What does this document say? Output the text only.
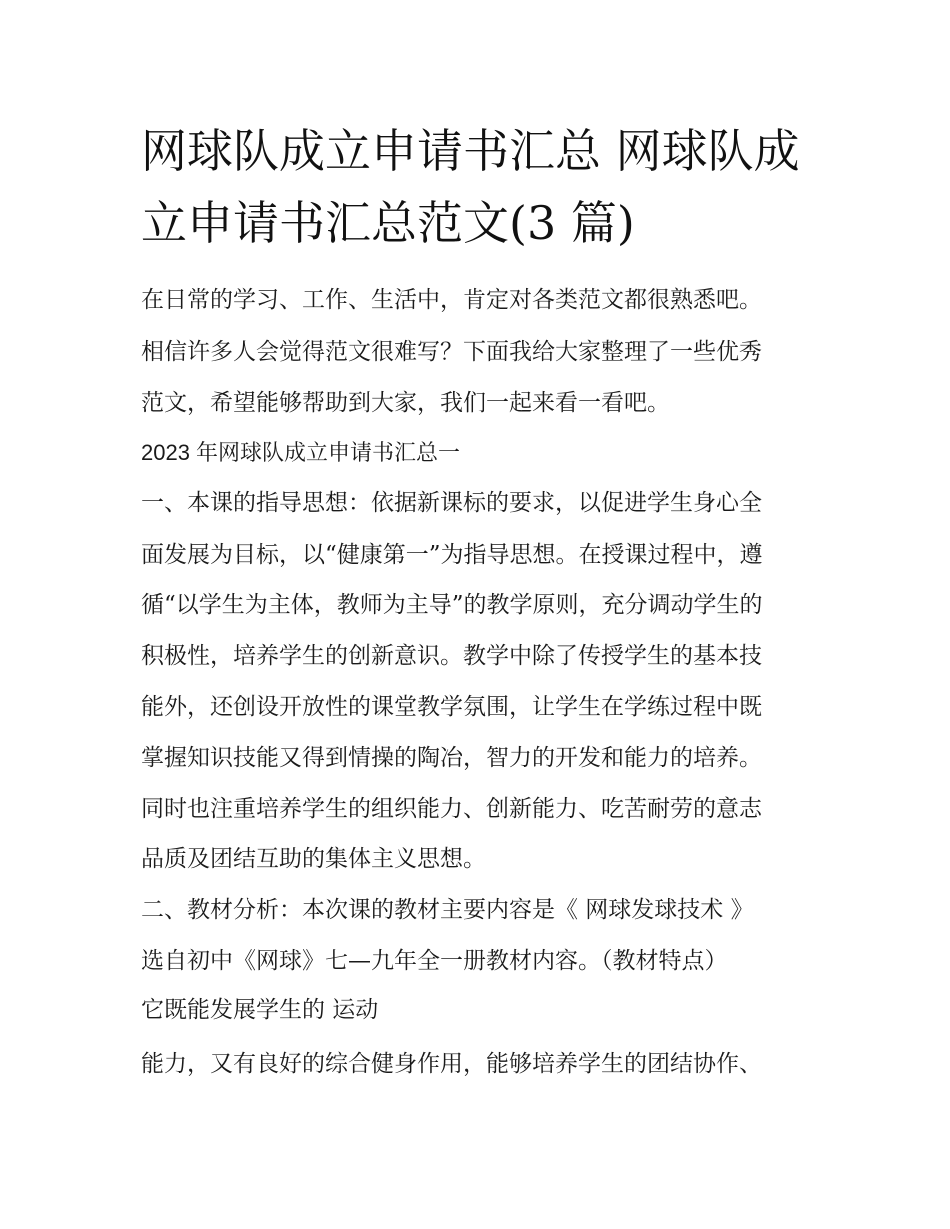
网球队成立申请书汇总 网球队成立申请书汇总范文(3 篇)

在日常的学习、工作、生活中，肯定对各类范文都很熟悉吧。

相信许多人会觉得范文很难写？下面我给大家整理了一些优秀

范文，希望能够帮助到大家，我们一起来看一看吧。

2023 年网球队成立申请书汇总一

一、本课的指导思想：依据新课标的要求，以促进学生身心全

面发展为目标，以“健康第一”为指导思想。在授课过程中，遵

循“以学生为主体，教师为主导”的教学原则，充分调动学生的

积极性，培养学生的创新意识。教学中除了传授学生的基本技

能外，还创设开放性的课堂教学氛围，让学生在学练过程中既

掌握知识技能又得到情操的陶冶，智力的开发和能力的培养。

同时也注重培养学生的组织能力、创新能力、吃苦耐劳的意志

品质及团结互助的集体主义思想。

二、教材分析：本次课的教材主要内容是《 网球发球技术 》

选自初中《网球》七—九年全一册教材内容。（教材特点）

它既能发展学生的 运动

能力，又有良好的综合健身作用，能够培养学生的团结协作、
